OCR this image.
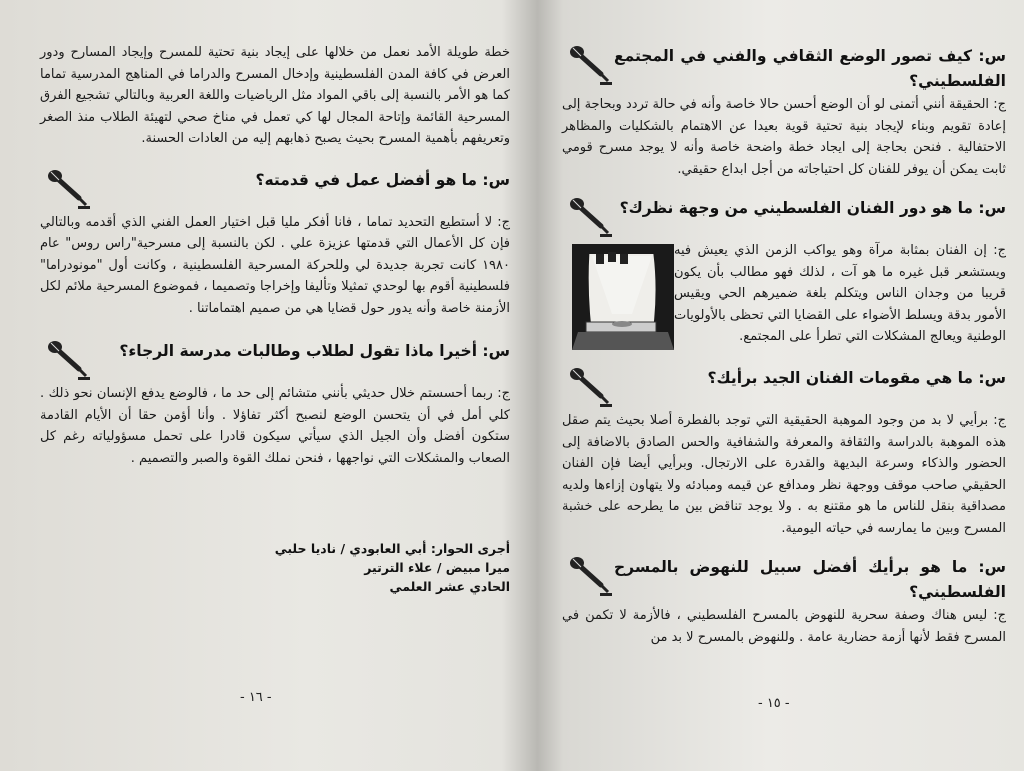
خطة طويلة الأمد نعمل من خلالها على إيجاد بنية تحتية للمسرح وإيجاد المسارح ودور العرض في كافة المدن الفلسطينية وإدخال المسرح والدراما في المناهج المدرسية تماما كما هو الأمر بالنسبة إلى باقي المواد مثل الرياضيات واللغة العربية وبالتالي تشجيع الفرق المسرحية القائمة وإتاحة المجال لها كي تعمل في مناخ صحي لتهيئة الطلاب منذ الصغر وتعريفهم بأهمية المسرح بحيث يصبح ذهابهم إليه من العادات الحسنة.

س: ما هو أفضل عمل في قدمته؟

ج: لا أستطيع التحديد تماما ، فانا أفكر مليا قبل اختيار العمل الفني الذي أقدمه وبالتالي فإن كل الأعمال التي قدمتها عزيزة علي . لكن بالنسبة إلى مسرحية"راس روس" عام ١٩٨٠ كانت تجربة جديدة لي وللحركة المسرحية الفلسطينية ، وكانت أول "مونودراما" فلسطينية أقوم بها لوحدي تمثيلا وتأليفا وإخراجا وتصميما ، فموضوع المسرحية ملائم لكل الأزمنة خاصة وأنه يدور حول قضايا هي من صميم اهتماماتنا .

س: أخيرا ماذا تقول لطلاب وطالبات مدرسة الرجاء؟

ج: ربما أحسستم خلال حديثي بأنني متشائم إلى حد ما ، فالوضع يدفع الإنسان نحو ذلك . كلي أمل في أن يتحسن الوضع لنصبح أكثر تفاؤلا . وأنا أؤمن حقا أن الأيام القادمة ستكون أفضل وأن الجيل الذي سيأتي سيكون قادرا على تحمل مسؤولياته رغم كل الصعاب والمشكلات التي نواجهها ، فنحن نملك القوة والصبر والتصميم .

أجرى الحوار: أبي العابودي / ناديا حلبي
ميرا مبيض / علاء الترتير
الحادي عشر العلمي
- ١٦ -
س: كيف تصور الوضع الثقافي والفني في المجتمع الفلسطيني؟

ج: الحقيقة أنني أتمنى لو أن الوضع أحسن حالا خاصة وأنه في حالة تردد وبحاجة إلى إعادة تقويم وبناء لإيجاد بنية تحتية قوية بعيدا عن الاهتمام بالشكليات والمظاهر الاحتفالية . فنحن بحاجة إلى ايجاد خطة واضحة خاصة وأنه لا يوجد مسرح قومي ثابت يمكن أن يوفر للفنان كل احتياجاته من أجل ابداع حقيقي.

س: ما هو دور الفنان الفلسطيني من وجهة نظرك؟

ج: إن الفنان بمثابة مرآة وهو يواكب الزمن الذي يعيش فيه ويستشعر قبل غيره ما هو آت ، لذلك فهو مطالب بأن يكون قريبا من وجدان الناس ويتكلم بلغة ضميرهم الحي ويقيس الأمور بدقة ويسلط الأضواء على القضايا التي تحظى بالأولويات الوطنية ويعالج المشكلات التي تطرأ على المجتمع.

س: ما هي مقومات الفنان الجيد برأيك؟

ج: برأيي لا بد من وجود الموهبة الحقيقية التي توجد بالفطرة أصلا بحيث يتم صقل هذه الموهبة بالدراسة والثقافة والمعرفة والشفافية والحس الصادق بالاضافة إلى الحضور والذكاء وسرعة البديهة والقدرة على الارتجال. وبرأيي أيضا فإن الفنان الحقيقي صاحب موقف ووجهة نظر ومدافع عن قيمه ومبادئه ولا يتهاون إزاءها ولديه مصداقية بنقل للناس ما هو مقتنع به . ولا يوجد تناقض بين ما يطرحه على خشبة المسرح وبين ما يمارسه في حياته اليومية.

س: ما هو برأيك أفضل سبيل للنهوض بالمسرح الفلسطيني؟

ج: ليس هناك وصفة سحرية للنهوض بالمسرح الفلسطيني ، فالأزمة لا تكمن في المسرح فقط لأنها أزمة حضارية عامة . وللنهوض بالمسرح لا بد من

- ١٥ -
